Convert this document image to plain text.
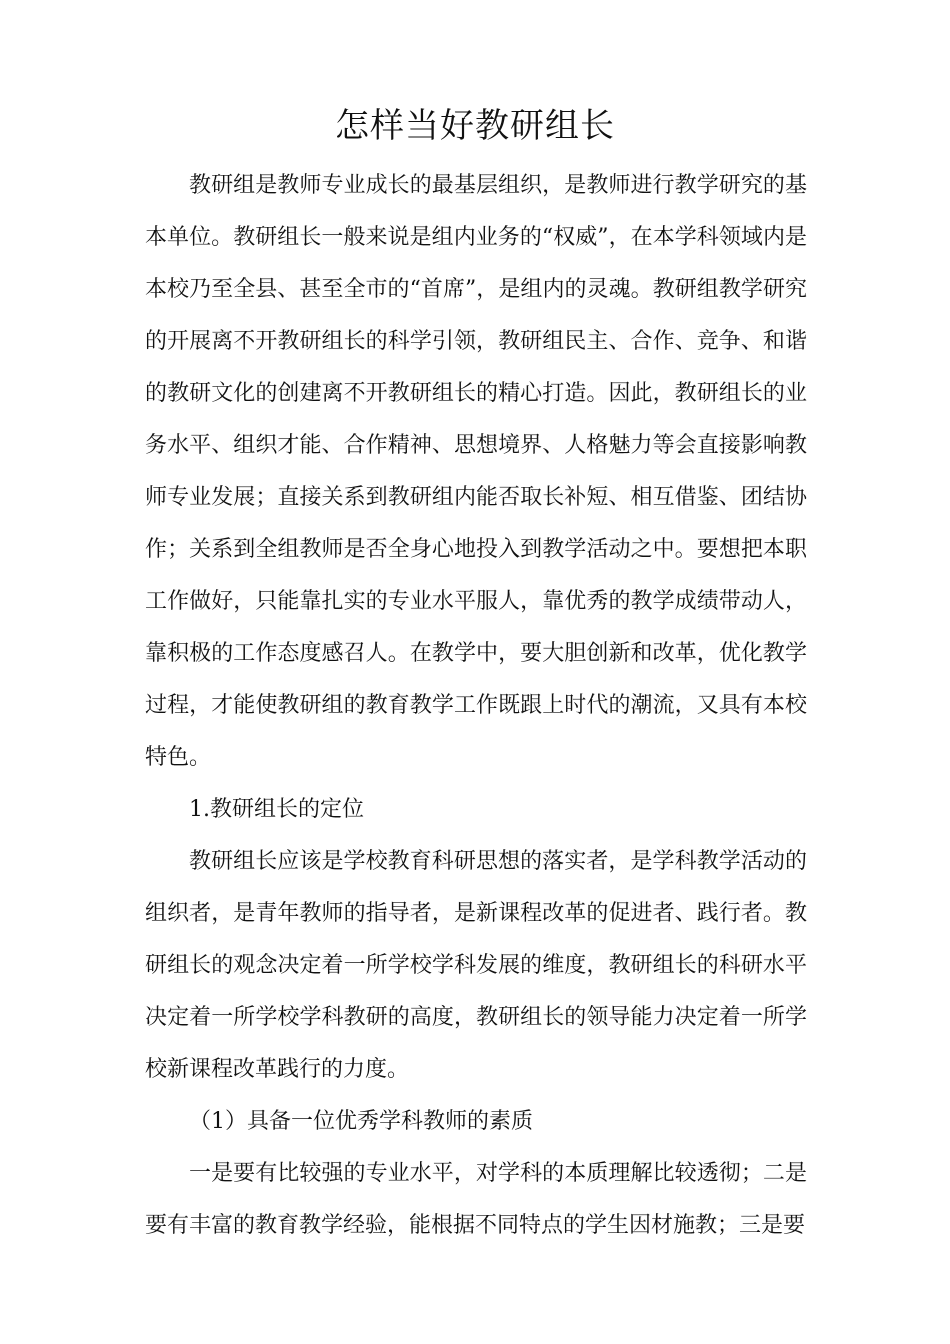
怎样当好教研组长

教研组是教师专业成长的最基层组织，是教师进行教学研究的基本单位。教研组长一般来说是组内业务的“权威”，在本学科领域内是本校乃至全县、甚至全市的“首席”，是组内的灵魂。教研组教学研究的开展离不开教研组长的科学引领，教研组民主、合作、竞争、和谐的教研文化的创建离不开教研组长的精心打造。因此，教研组长的业务水平、组织才能、合作精神、思想境界、人格魅力等会直接影响教师专业发展；直接关系到教研组内能否取长补短、相互借鉴、团结协作；关系到全组教师是否全身心地投入到教学活动之中。要想把本职工作做好，只能靠扎实的专业水平服人，靠优秀的教学成绩带动人，靠积极的工作态度感召人。在教学中，要大胆创新和改革，优化教学过程，才能使教研组的教育教学工作既跟上时代的潮流，又具有本校特色。

1.教研组长的定位

教研组长应该是学校教育科研思想的落实者，是学科教学活动的组织者，是青年教师的指导者，是新课程改革的促进者、践行者。教研组长的观念决定着一所学校学科发展的维度，教研组长的科研水平决定着一所学校学科教研的高度，教研组长的领导能力决定着一所学校新课程改革践行的力度。

（1）具备一位优秀学科教师的素质

一是要有比较强的专业水平，对学科的本质理解比较透彻；二是要有丰富的教育教学经验，能根据不同特点的学生因材施教；三是要
